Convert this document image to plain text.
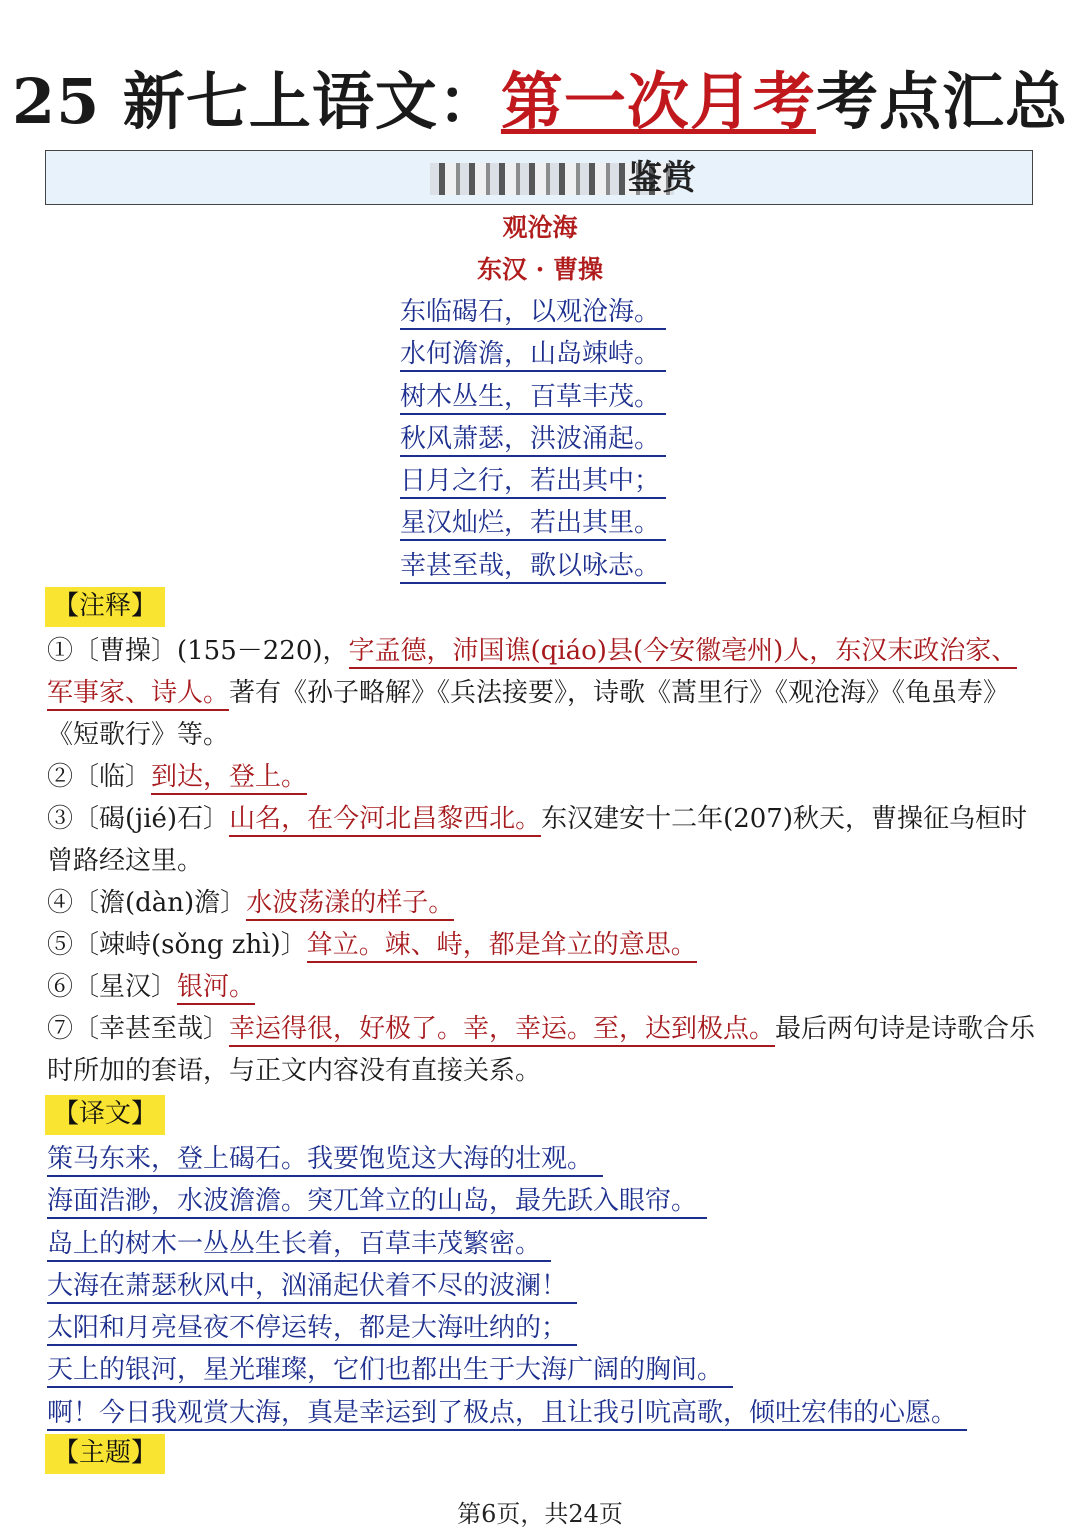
25 新七上语文：第一次月考考点汇总
鉴赏
观沧海
东汉 · 曹操
东临碣石，以观沧海。
水何澹澹，山岛竦峙。
树木丛生，百草丰茂。
秋风萧瑟，洪波涌起。
日月之行，若出其中；
星汉灿烂，若出其里。
幸甚至哉，歌以咏志。
【注释】

①〔曹操〕(155－220)，字孟德，沛国谯(qiáo)县(今安徽亳州)人，东汉末政治家、军事家、诗人。著有《孙子略解》《兵法接要》，诗歌《蒿里行》《观沧海》《龟虽寿》《短歌行》等。

②〔临〕到达，登上。

③〔碣(jié)石〕山名，在今河北昌黎西北。东汉建安十二年(207)秋天，曹操征乌桓时曾路经这里。

④〔澹(dàn)澹〕水波荡漾的样子。

⑤〔竦峙(sǒng zhì)〕耸立。竦、峙，都是耸立的意思。

⑥〔星汉〕银河。

⑦〔幸甚至哉〕幸运得很，好极了。幸，幸运。至，达到极点。最后两句诗是诗歌合乐时所加的套语，与正文内容没有直接关系。

【译文】
策马东来，登上碣石。我要饱览这大海的壮观。
海面浩渺，水波澹澹。突兀耸立的山岛，最先跃入眼帘。
岛上的树木一丛丛生长着，百草丰茂繁密。
大海在萧瑟秋风中，汹涌起伏着不尽的波澜！
太阳和月亮昼夜不停运转，都是大海吐纳的；
天上的银河，星光璀璨，它们也都出生于大海广阔的胸间。
啊！今日我观赏大海，真是幸运到了极点，且让我引吭高歌，倾吐宏伟的心愿。
【主题】
第6页，共24页
